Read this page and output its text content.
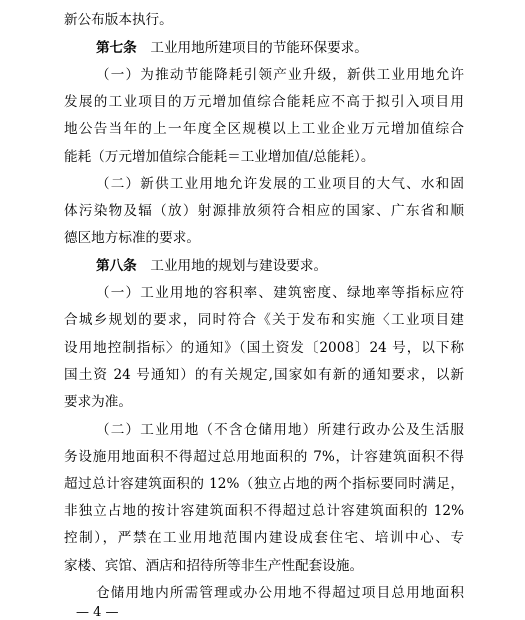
新公布版本执行。
第七条　工业用地所建项目的节能环保要求。
（一）为推动节能降耗引领产业升级，新供工业用地允许
发展的工业项目的万元增加值综合能耗应不高于拟引入项目用
地公告当年的上一年度全区规模以上工业企业万元增加值综合
能耗（万元增加值综合能耗＝工业增加值/总能耗）。
（二）新供工业用地允许发展的工业项目的大气、水和固
体污染物及辐（放）射源排放须符合相应的国家、广东省和顺
德区地方标准的要求。
第八条　工业用地的规划与建设要求。
（一）工业用地的容积率、建筑密度、绿地率等指标应符
合城乡规划的要求，同时符合《关于发布和实施〈工业项目建
设用地控制指标〉的通知》（国土资发〔2008〕24 号，以下称
国土资 24 号通知）的有关规定,国家如有新的通知要求，以新
要求为准。
（二）工业用地（不含仓储用地）所建行政办公及生活服
务设施用地面积不得超过总用地面积的 7%，计容建筑面积不得
超过总计容建筑面积的 12%（独立占地的两个指标要同时满足，
非独立占地的按计容建筑面积不得超过总计容建筑面积的 12%
控制），严禁在工业用地范围内建设成套住宅、培训中心、专
家楼、宾馆、酒店和招待所等非生产性配套设施。
仓储用地内所需管理或办公用地不得超过项目总用地面积
— 4 —
